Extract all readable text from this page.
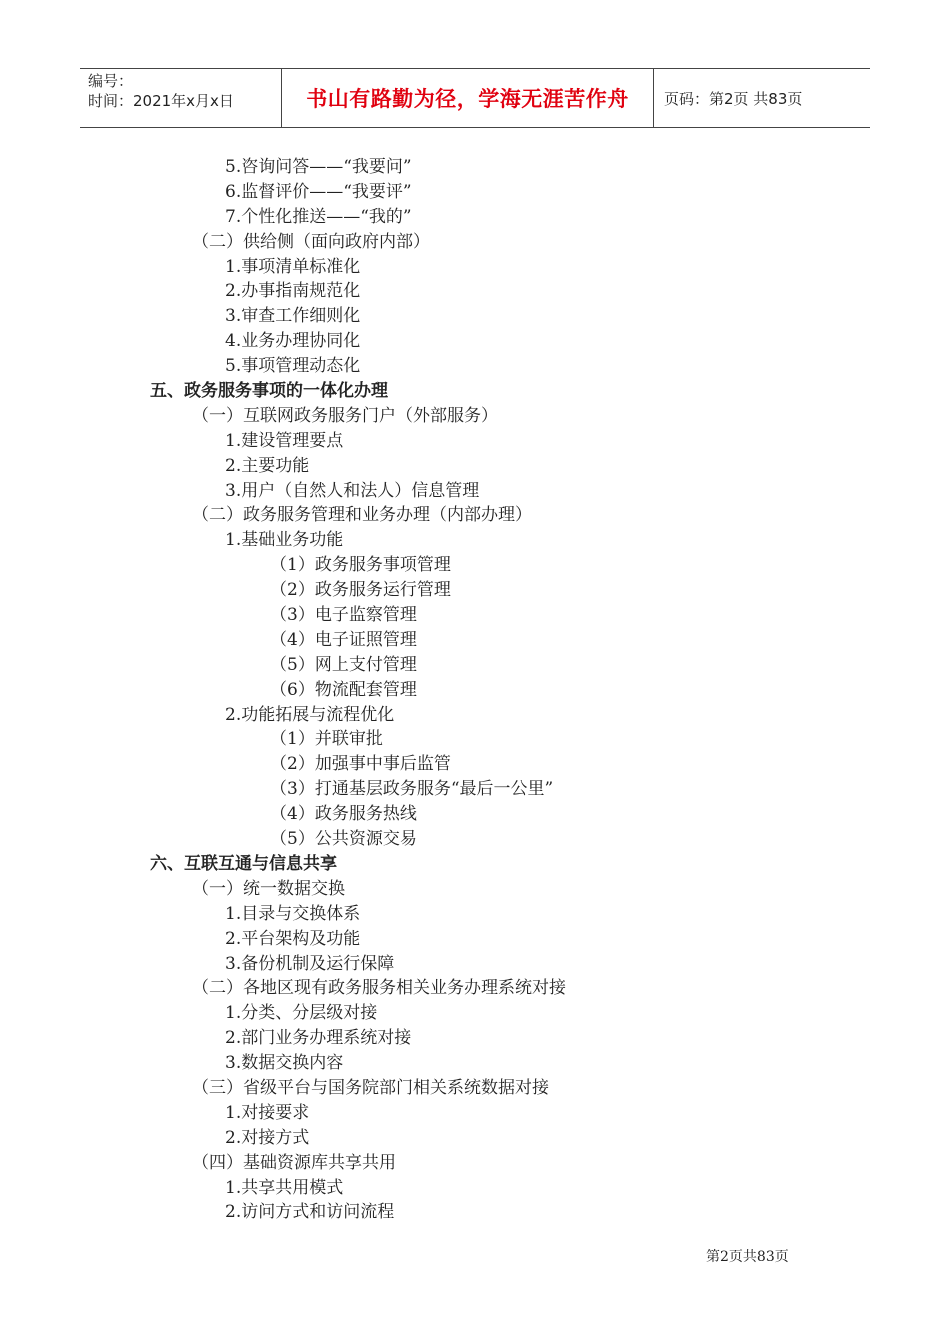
编号：
时间：2021年x月x日	书山有路勤为径，学海无涯苦作舟 页码：第2页 共83页
5.咨询问答——“我要问”
6.监督评价——“我要评”
7.个性化推送——“我的”
（二）供给侧（面向政府内部）
1.事项清单标准化
2.办事指南规范化
3.审查工作细则化
4.业务办理协同化
5.事项管理动态化
五、政务服务事项的一体化办理
（一）互联网政务服务门户（外部服务）
1.建设管理要点
2.主要功能
3.用户（自然人和法人）信息管理
（二）政务服务管理和业务办理（内部办理）
1.基础业务功能
（1）政务服务事项管理
（2）政务服务运行管理
（3）电子监察管理
（4）电子证照管理
（5）网上支付管理
（6）物流配套管理
2.功能拓展与流程优化
（1）并联审批
（2）加强事中事后监管
（3）打通基层政务服务“最后一公里”
（4）政务服务热线
（5）公共资源交易
六、互联互通与信息共享
（一）统一数据交换
1.目录与交换体系
2.平台架构及功能
3.备份机制及运行保障
（二）各地区现有政务服务相关业务办理系统对接
1.分类、分层级对接
2.部门业务办理系统对接
3.数据交换内容
（三）省级平台与国务院部门相关系统数据对接
1.对接要求
2.对接方式
（四）基础资源库共享共用
1.共享共用模式
2.访问方式和访问流程
第2页共83页
